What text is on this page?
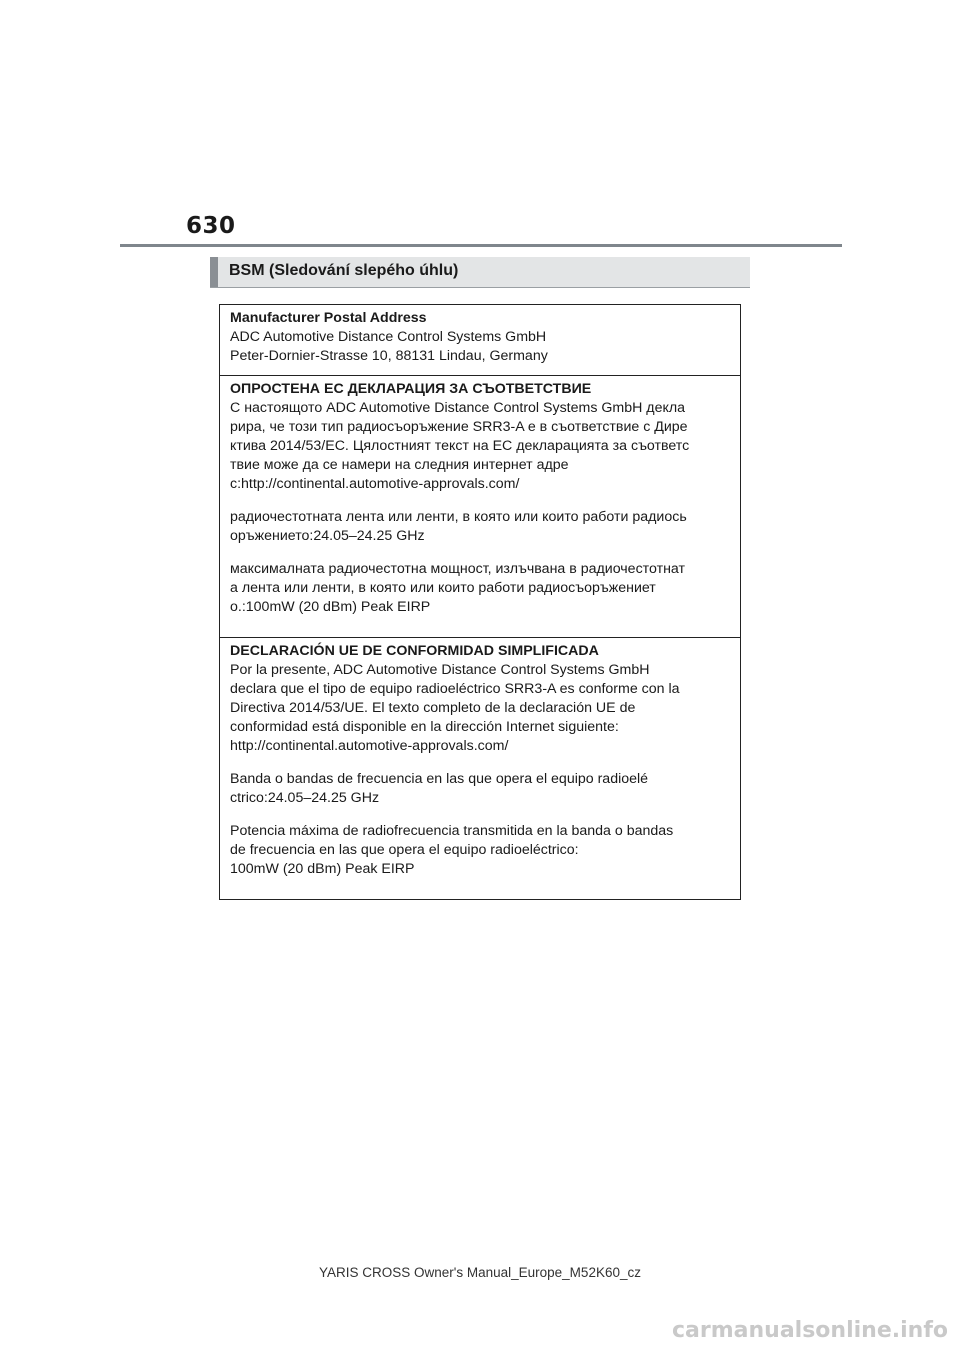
630
BSM (Sledování slepého úhlu)
Manufacturer Postal Address
ADC Automotive Distance Control Systems GmbH
Peter-Dornier-Strasse 10, 88131 Lindau, Germany
ОПРОСТЕНА ЕС ДЕКЛАРАЦИЯ ЗА СЪОТВЕТСТВИЕ
С настоящото ADC Automotive Distance Control Systems GmbH декла
рира, че този тип радиосъоръжение SRR3-A е в съответствие с Дире
ктива 2014/53/ЕС. Цялостният текст на ЕС декларацията за съответс
твие може да се намери на следния интернет адре
с:http://continental.automotive-approvals.com/
радиочестотната лента или ленти, в която или които работи радиось
оръжението:24.05–24.25 GHz
максималната радиочестотна мощност, излъчвана в радиочестотнат
а лента или ленти, в която или които работи радиосъоръжениет
о.:100mW (20 dBm) Peak EIRP
DECLARACIÓN UE DE CONFORMIDAD SIMPLIFICADA
Por la presente, ADC Automotive Distance Control Systems GmbH
declara que el tipo de equipo radioeléctrico SRR3-A es conforme con la
Directiva 2014/53/UE. El texto completo de la declaración UE de
conformidad está disponible en la dirección Internet siguiente:
http://continental.automotive-approvals.com/
Banda o bandas de frecuencia en las que opera el equipo radioelé
ctrico:24.05–24.25 GHz
Potencia máxima de radiofrecuencia transmitida en la banda o bandas
de frecuencia en las que opera el equipo radioeléctrico:
100mW (20 dBm) Peak EIRP
YARIS CROSS Owner's Manual_Europe_M52K60_cz
carmanualsonline.info
